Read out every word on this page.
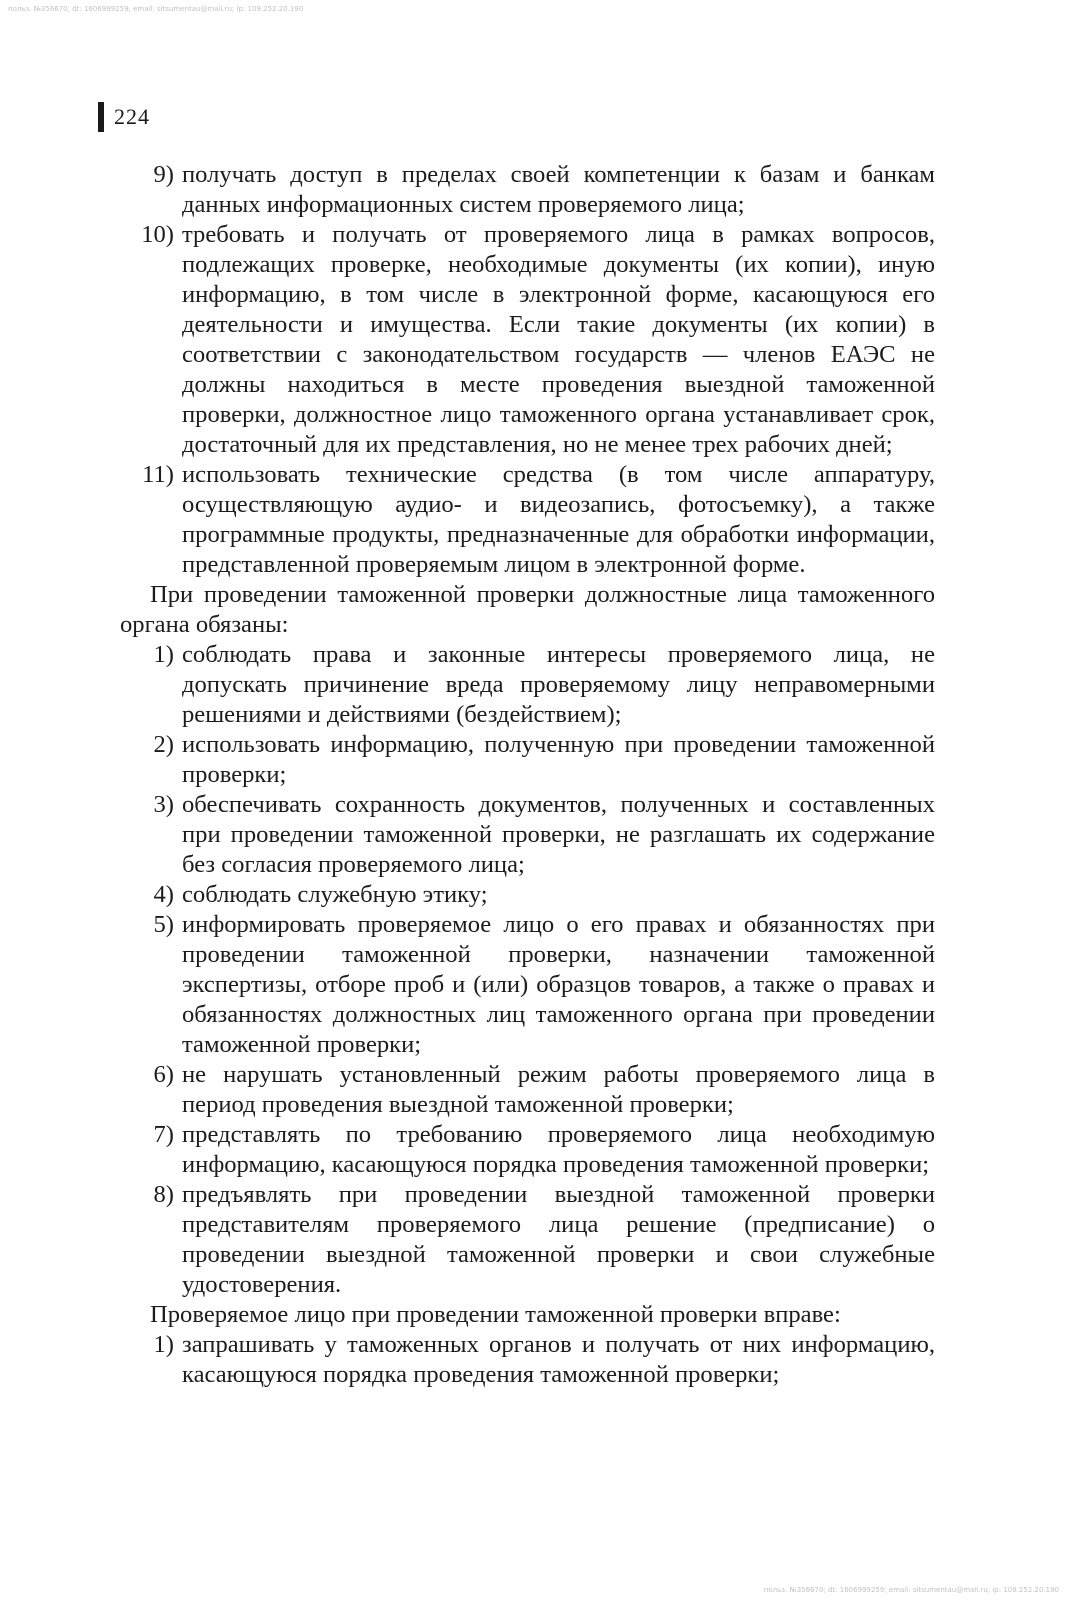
польз. №356670; dt: 1606999259; email: sitsumentau@mail.ru; ip: 109.252.20.190
224
9) получать доступ в пределах своей компетенции к базам и банкам данных информационных систем проверяемого лица;
10) требовать и получать от проверяемого лица в рамках вопросов, подлежащих проверке, необходимые документы (их копии), иную информацию, в том числе в электронной форме, касающуюся его деятельности и имущества. Если такие документы (их копии) в соответствии с законодательством государств — членов ЕАЭС не должны находиться в месте проведения выездной таможенной проверки, должностное лицо таможенного органа устанавливает срок, достаточный для их представления, но не менее трех рабочих дней;
11) использовать технические средства (в том числе аппаратуру, осуществляющую аудио- и видеозапись, фотосъемку), а также программные продукты, предназначенные для обработки информации, представленной проверяемым лицом в электронной форме.
При проведении таможенной проверки должностные лица таможенного органа обязаны:
1) соблюдать права и законные интересы проверяемого лица, не допускать причинение вреда проверяемому лицу неправомерными решениями и действиями (бездействием);
2) использовать информацию, полученную при проведении таможенной проверки;
3) обеспечивать сохранность документов, полученных и составленных при проведении таможенной проверки, не разглашать их содержание без согласия проверяемого лица;
4) соблюдать служебную этику;
5) информировать проверяемое лицо о его правах и обязанностях при проведении таможенной проверки, назначении таможенной экспертизы, отборе проб и (или) образцов товаров, а также о правах и обязанностях должностных лиц таможенного органа при проведении таможенной проверки;
6) не нарушать установленный режим работы проверяемого лица в период проведения выездной таможенной проверки;
7) представлять по требованию проверяемого лица необходимую информацию, касающуюся порядка проведения таможенной проверки;
8) предъявлять при проведении выездной таможенной проверки представителям проверяемого лица решение (предписание) о проведении выездной таможенной проверки и свои служебные удостоверения.
Проверяемое лицо при проведении таможенной проверки вправе:
1) запрашивать у таможенных органов и получать от них информацию, касающуюся порядка проведения таможенной проверки;
польз. №356670; dt: 1606999259; email: sitsumentau@mail.ru; ip: 109.252.20.190
